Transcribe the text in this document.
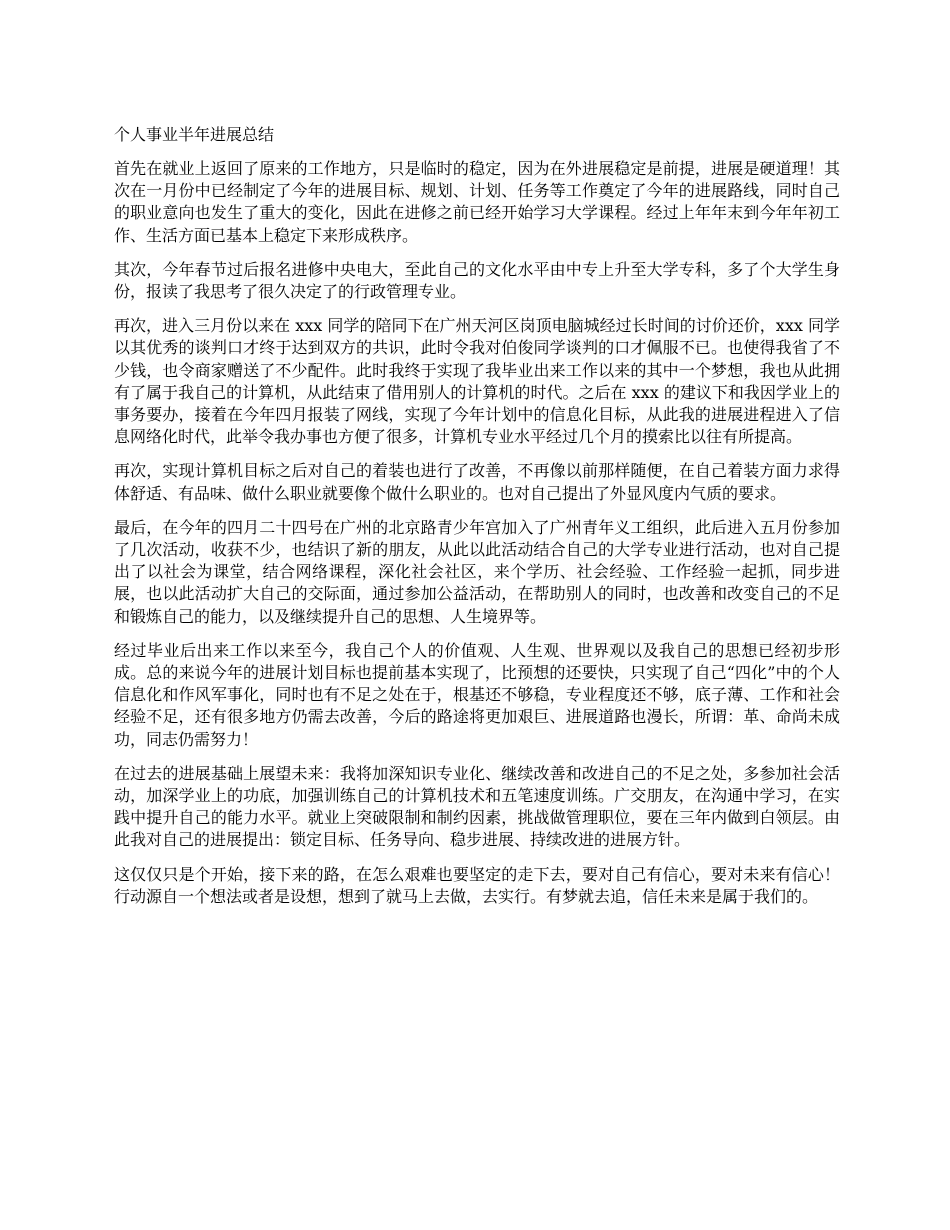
个人事业半年进展总结

首先在就业上返回了原来的工作地方，只是临时的稳定，因为在外进展稳定是前提，进展是硬道理！其次在一月份中已经制定了今年的进展目标、规划、计划、任务等工作奠定了今年的进展路线，同时自己的职业意向也发生了重大的变化，因此在进修之前已经开始学习大学课程。经过上年年末到今年年初工作、生活方面已基本上稳定下来形成秩序。

其次，今年春节过后报名进修中央电大，至此自己的文化水平由中专上升至大学专科，多了个大学生身份，报读了我思考了很久决定了的行政管理专业。

再次，进入三月份以来在 xxx 同学的陪同下在广州天河区岗顶电脑城经过长时间的讨价还价，xxx 同学以其优秀的谈判口才终于达到双方的共识，此时令我对伯俊同学谈判的口才佩服不已。也使得我省了不少钱，也令商家赠送了不少配件。此时我终于实现了我毕业出来工作以来的其中一个梦想，我也从此拥有了属于我自己的计算机，从此结束了借用别人的计算机的时代。之后在 xxx 的建议下和我因学业上的事务要办，接着在今年四月报装了网线，实现了今年计划中的信息化目标，从此我的进展进程进入了信息网络化时代，此举令我办事也方便了很多，计算机专业水平经过几个月的摸索比以往有所提高。

再次，实现计算机目标之后对自己的着装也进行了改善，不再像以前那样随便，在自己着装方面力求得体舒适、有品味、做什么职业就要像个做什么职业的。也对自己提出了外显风度内气质的要求。

最后，在今年的四月二十四号在广州的北京路青少年宫加入了广州青年义工组织，此后进入五月份参加了几次活动，收获不少，也结识了新的朋友，从此以此活动结合自己的大学专业进行活动，也对自己提出了以社会为课堂，结合网络课程，深化社会社区，来个学历、社会经验、工作经验一起抓，同步进展，也以此活动扩大自己的交际面，通过参加公益活动，在帮助别人的同时，也改善和改变自己的不足和锻炼自己的能力，以及继续提升自己的思想、人生境界等。

经过毕业后出来工作以来至今，我自己个人的价值观、人生观、世界观以及我自己的思想已经初步形成。总的来说今年的进展计划目标也提前基本实现了，比预想的还要快，只实现了自己“四化”中的个人信息化和作风军事化，同时也有不足之处在于，根基还不够稳，专业程度还不够，底子薄、工作和社会经验不足，还有很多地方仍需去改善，今后的路途将更加艰巨、进展道路也漫长，所谓：革、命尚未成功，同志仍需努力！

在过去的进展基础上展望未来：我将加深知识专业化、继续改善和改进自己的不足之处，多参加社会活动，加深学业上的功底，加强训练自己的计算机技术和五笔速度训练。广交朋友，在沟通中学习，在实践中提升自己的能力水平。就业上突破限制和制约因素，挑战做管理职位，要在三年内做到白领层。由此我对自己的进展提出：锁定目标、任务导向、稳步进展、持续改进的进展方针。

这仅仅只是个开始，接下来的路，在怎么艰难也要坚定的走下去，要对自己有信心，要对未来有信心！行动源自一个想法或者是设想，想到了就马上去做，去实行。有梦就去追，信任未来是属于我们的。
